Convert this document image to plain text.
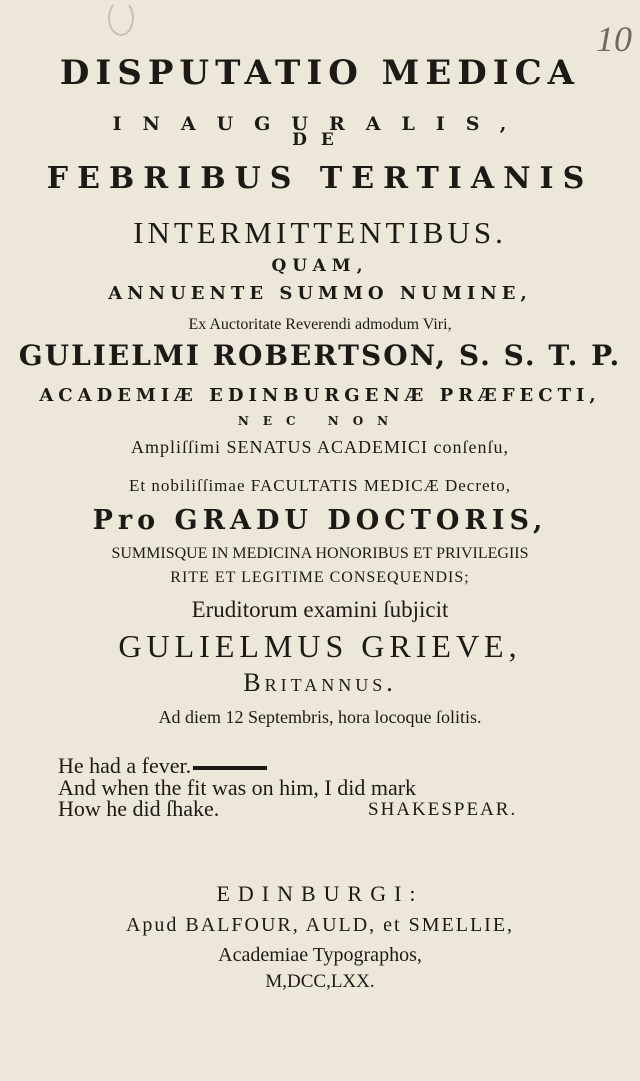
10
DISPUTATIO MEDICA
INAUGURALIS,
DE
FEBRIBUS TERTIANIS
INTERMITTENTIBUS.
QUAM,
ANNUENTE SUMMO NUMINE,
Ex Auctoritate Reverendi admodum Viri,
GULIELMI ROBERTSON, S. S. T. P.
ACADEMIÆ EDINBURGENÆ PRÆFECTI,
NEC NON
Ampliſſimi SENATUS ACADEMICI conſenſu,
Et nobiliſſimae FACULTATIS MEDICÆ Decreto,
Pro GRADU DOCTORIS,
SUMMISQUE IN MEDICINA HONORIBUS ET PRIVILEGIIS
RITE ET LEGITIME CONSEQUENDIS;
Eruditorum examini ſubjicit
GULIELMUS GRIEVE,
Britannus.
Ad diem 12 Septembris, hora locoque ſolitis.
He had a fever.
And when the fit was on him, I did mark
How he did ſhake.	SHAKESPEAR.
EDINBURGI:
Apud BALFOUR, AULD, et SMELLIE,
Academiae Typographos,
M,DCC,LXX.
